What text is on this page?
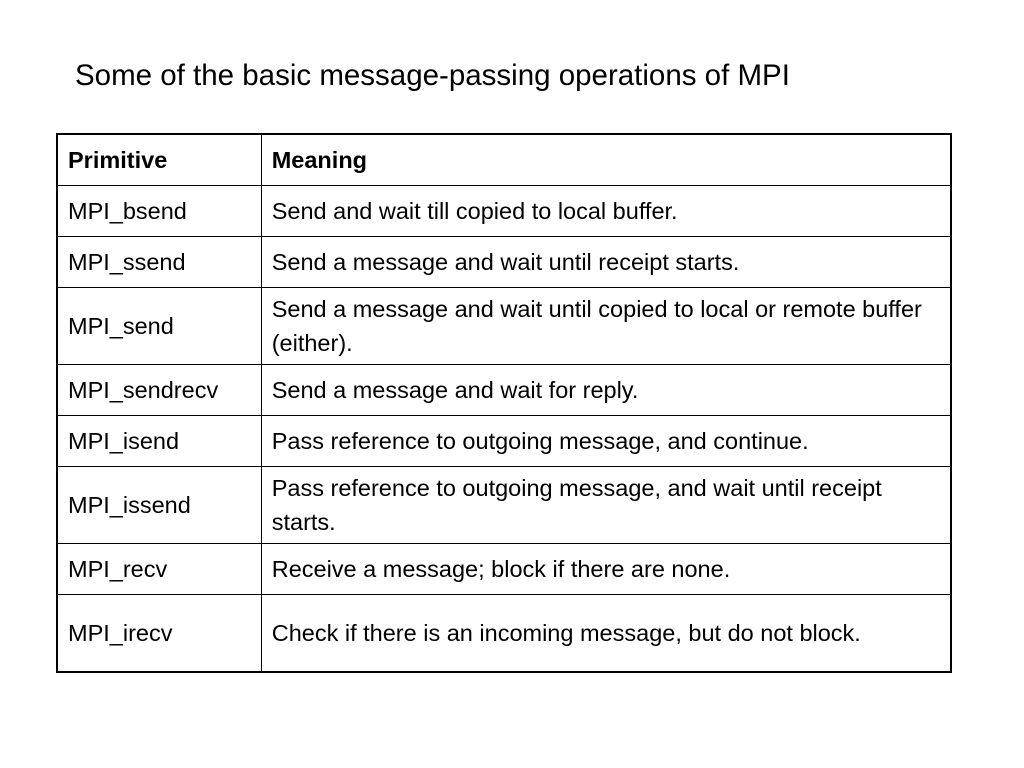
Some of the basic message-passing operations of MPI
Primitive	Meaning
MPI_bsend	Send and wait till copied to local buffer.
MPI_ssend	Send a message and wait until receipt starts.
MPI_send	Send a message and wait until copied to local or remote buffer (either).
MPI_sendrecv	Send a message and wait for reply.
MPI_isend	Pass reference to outgoing message, and continue.
MPI_issend	Pass reference to outgoing message, and wait until receipt starts.
MPI_recv	Receive a message; block if there are none.
MPI_irecv	Check if there is an incoming message, but do not block.
